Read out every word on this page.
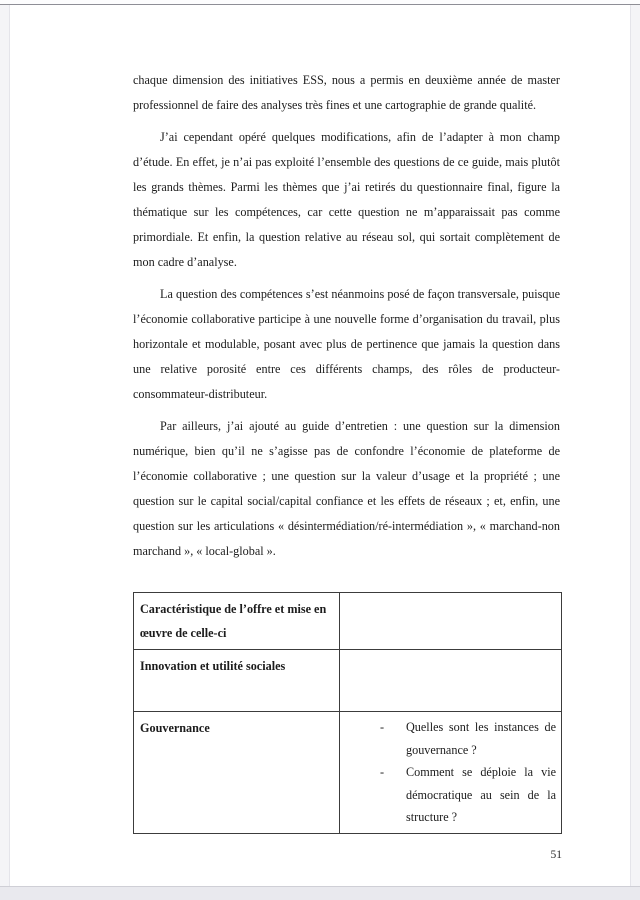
chaque dimension des initiatives ESS, nous a permis en deuxième année de master professionnel de faire des analyses très fines et une cartographie de grande qualité.

J’ai cependant opéré quelques modifications, afin de l’adapter à mon champ d’étude. En effet, je n’ai pas exploité l’ensemble des questions de ce guide, mais plutôt les grands thèmes. Parmi les thèmes que j’ai retirés du questionnaire final, figure la thématique sur les compétences, car cette question ne m’apparaissait pas comme primordiale. Et enfin, la question relative au réseau sol, qui sortait complètement de mon cadre d’analyse.

La question des compétences s’est néanmoins posé de façon transversale, puisque l’économie collaborative participe à une nouvelle forme d’organisation du travail, plus horizontale et modulable, posant avec plus de pertinence que jamais la question dans une relative porosité entre ces différents champs, des rôles de producteur-consommateur-distributeur.

Par ailleurs, j’ai ajouté au guide d’entretien : une question sur la dimension numérique, bien qu’il ne s’agisse pas de confondre l’économie de plateforme de l’économie collaborative ; une question sur la valeur d’usage et la propriété ; une question sur le capital social/capital confiance et les effets de réseaux ; et, enfin, une question sur les articulations « désintermédiation/ré-intermédiation », « marchand-non marchand », « local-global ».

Caractéristique de l’offre et mise en œuvre de celle-ci	
Innovation et utilité sociales	
Gouvernance	- Quelles sont les instances de gouvernance ?
- Comment se déploie la vie démocratique au sein de la structure ?
51
